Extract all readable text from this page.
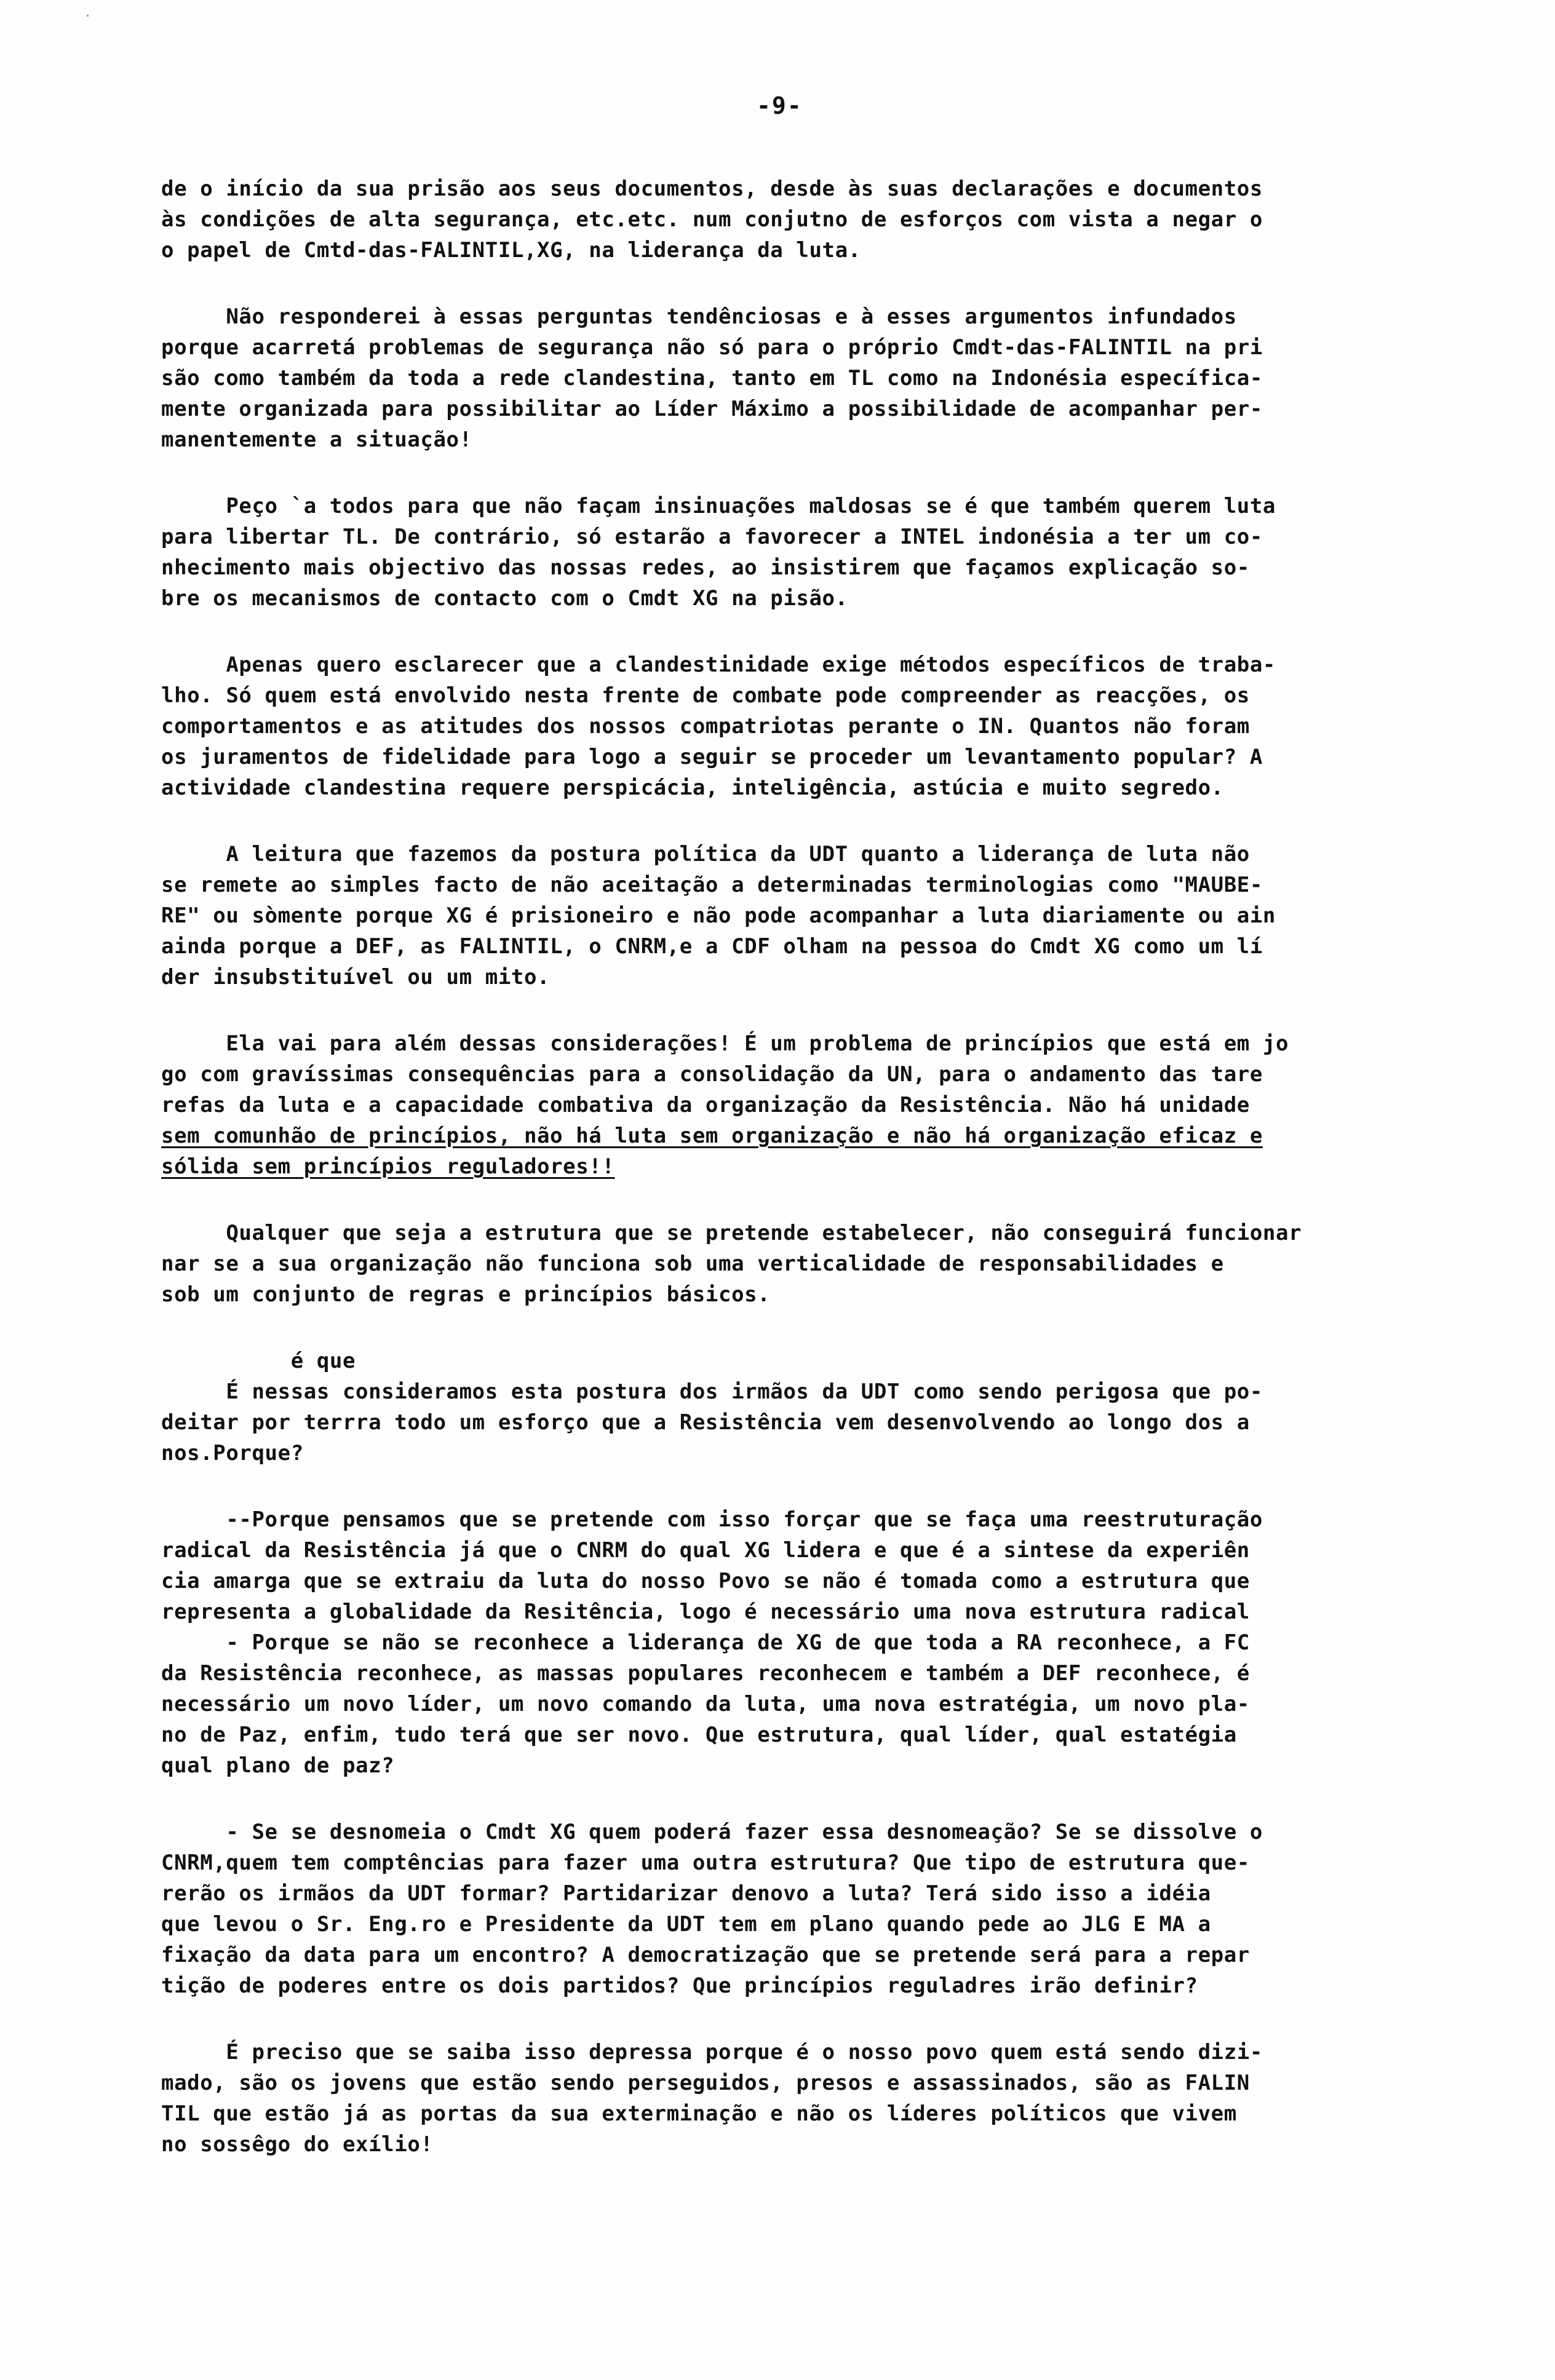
·
-9-
de o início da sua prisão aos seus documentos, desde às suas declarações e documentos
às condições de alta segurança, etc.etc. num conjutno de esforços com vista a negar o
o papel de Cmtd-das-FALINTIL,XG, na liderança da luta.
Não responderei à essas perguntas tendênciosas e à esses argumentos infundados
porque acarretá problemas de segurança não só para o próprio Cmdt-das-FALINTIL na pri
são como também da toda a rede clandestina, tanto em TL como na Indonésia específica-
mente organizada para possibilitar ao Líder Máximo a possibilidade de acompanhar per-
manentemente a situação!
Peço `a todos para que não façam insinuações maldosas se é que também querem luta
para libertar TL. De contrário, só estarão a favorecer a INTEL indonésia a ter um co-
nhecimento mais objectivo das nossas redes, ao insistirem que façamos explicação so-
bre os mecanismos de contacto com o Cmdt XG na pisão.
Apenas quero esclarecer que a clandestinidade exige métodos específicos de traba-
lho. Só quem está envolvido nesta frente de combate pode compreender as reacções, os
comportamentos e as atitudes dos nossos compatriotas perante o IN. Quantos não foram
os juramentos de fidelidade para logo a seguir se proceder um levantamento popular? A
actividade clandestina requere perspicácia, inteligência, astúcia e muito segredo.
A leitura que fazemos da postura política da UDT quanto a liderança de luta não
se remete ao simples facto de não aceitação a determinadas terminologias como "MAUBE-
RE" ou sòmente porque XG é prisioneiro e não pode acompanhar a luta diariamente ou ain
ainda porque a DEF, as FALINTIL, o CNRM,e a CDF olham na pessoa do Cmdt XG como um lí
der insubstituível ou um mito.
Ela vai para além dessas considerações! É um problema de princípios que está em jo
go com gravíssimas consequências para a consolidação da UN, para o andamento das tare
refas da luta e a capacidade combativa da organização da Resistência. Não há unidade
sem comunhão de princípios, não há luta sem organização e não há organização eficaz e
sólida sem princípios reguladores!!
Qualquer que seja a estrutura que se pretende estabelecer, não conseguirá funcionar
nar se a sua organização não funciona sob uma verticalidade de responsabilidades e
sob um conjunto de regras e princípios básicos.
é que
É nessas consideramos esta postura dos irmãos da UDT como sendo perigosa que po-
deitar por terrra todo um esforço que a Resistência vem desenvolvendo ao longo dos a
nos.Porque?
--Porque pensamos que se pretende com isso forçar que se faça uma reestruturação
radical da Resistência já que o CNRM do qual XG lidera e que é a sintese da experiên
cia amarga que se extraiu da luta do nosso Povo se não é tomada como a estrutura que
representa a globalidade da Resitência, logo é necessário uma nova estrutura radical
- Porque se não se reconhece a liderança de XG de que toda a RA reconhece, a FC
da Resistência reconhece, as massas populares reconhecem e também a DEF reconhece, é
necessário um novo líder, um novo comando da luta, uma nova estratégia, um novo pla-
no de Paz, enfim, tudo terá que ser novo. Que estrutura, qual líder, qual estatégia
qual plano de paz?
- Se se desnomeia o Cmdt XG quem poderá fazer essa desnomeação? Se se dissolve o
CNRM,quem tem comptências para fazer uma outra estrutura? Que tipo de estrutura que-
rerão os irmãos da UDT formar? Partidarizar denovo a luta? Terá sido isso a idéia
que levou o Sr. Eng.ro e Presidente da UDT tem em plano quando pede ao JLG E MA a
fixação da data para um encontro? A democratização que se pretende será para a repar
tição de poderes entre os dois partidos? Que princípios reguladres irão definir?
É preciso que se saiba isso depressa porque é o nosso povo quem está sendo dizi-
mado, são os jovens que estão sendo perseguidos, presos e assassinados, são as FALIN
TIL que estão já as portas da sua exterminação e não os líderes políticos que vivem
no sossêgo do exílio!
